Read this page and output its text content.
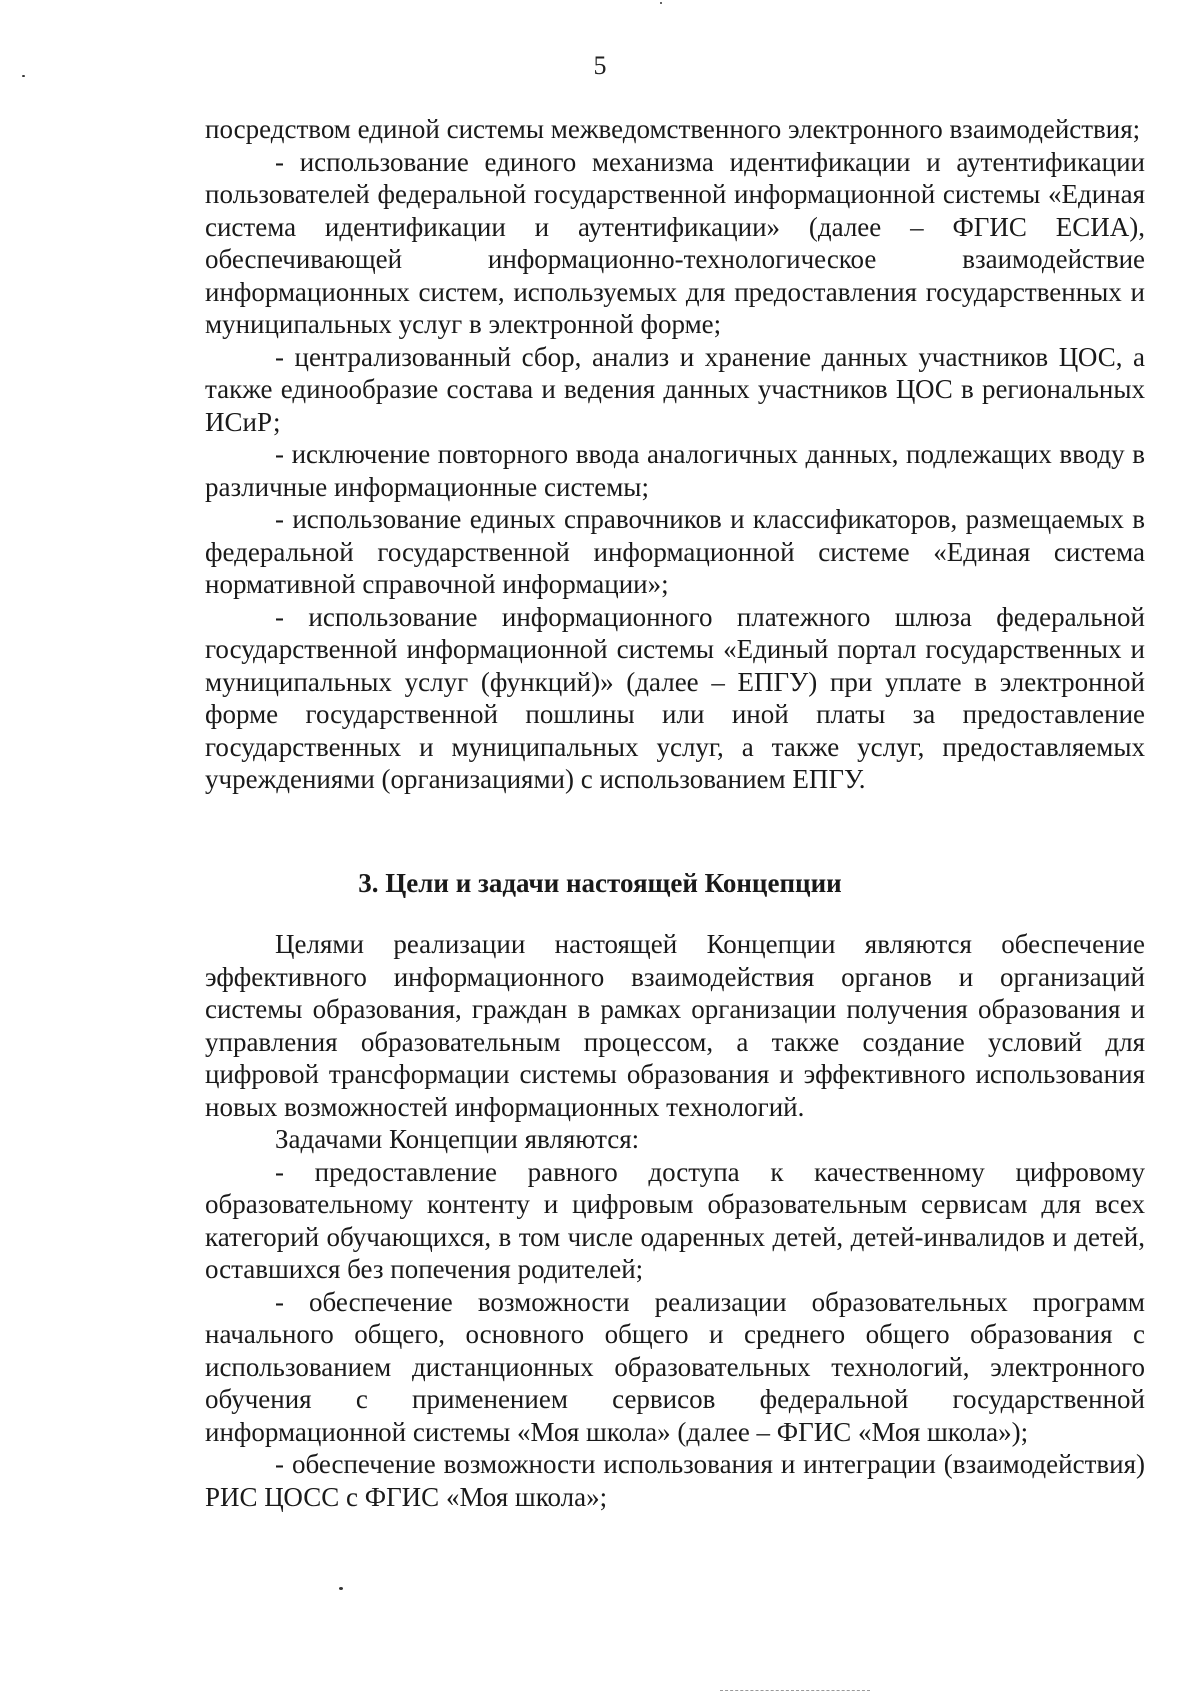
5

посредством единой системы межведомственного электронного взаимодействия;

- использование единого механизма идентификации и аутентификации пользователей федеральной государственной информационной системы «Единая система идентификации и аутентификации» (далее – ФГИС ЕСИА), обеспечивающей информационно-технологическое взаимодействие информационных систем, используемых для предоставления государственных и муниципальных услуг в электронной форме;

- централизованный сбор, анализ и хранение данных участников ЦОС, а также единообразие состава и ведения данных участников ЦОС в региональных ИСиР;

- исключение повторного ввода аналогичных данных, подлежащих вводу в различные информационные системы;

- использование единых справочников и классификаторов, размещаемых в федеральной государственной информационной системе «Единая система нормативной справочной информации»;

- использование информационного платежного шлюза федеральной государственной информационной системы «Единый портал государственных и муниципальных услуг (функций)» (далее – ЕПГУ) при уплате в электронной форме государственной пошлины или иной платы за предоставление государственных и муниципальных услуг, а также услуг, предоставляемых учреждениями (организациями) с использованием ЕПГУ.

3. Цели и задачи настоящей Концепции

Целями реализации настоящей Концепции являются обеспечение эффективного информационного взаимодействия органов и организаций системы образования, граждан в рамках организации получения образования и управления образовательным процессом, а также создание условий для цифровой трансформации системы образования и эффективного использования новых возможностей информационных технологий.

Задачами Концепции являются:

- предоставление равного доступа к качественному цифровому образовательному контенту и цифровым образовательным сервисам для всех категорий обучающихся, в том числе одаренных детей, детей-инвалидов и детей, оставшихся без попечения родителей;

- обеспечение возможности реализации образовательных программ начального общего, основного общего и среднего общего образования с использованием дистанционных образовательных технологий, электронного обучения с применением сервисов федеральной государственной информационной системы «Моя школа» (далее – ФГИС «Моя школа»);

- обеспечение возможности использования и интеграции (взаимодействия) РИС ЦОСС с ФГИС «Моя школа»;
